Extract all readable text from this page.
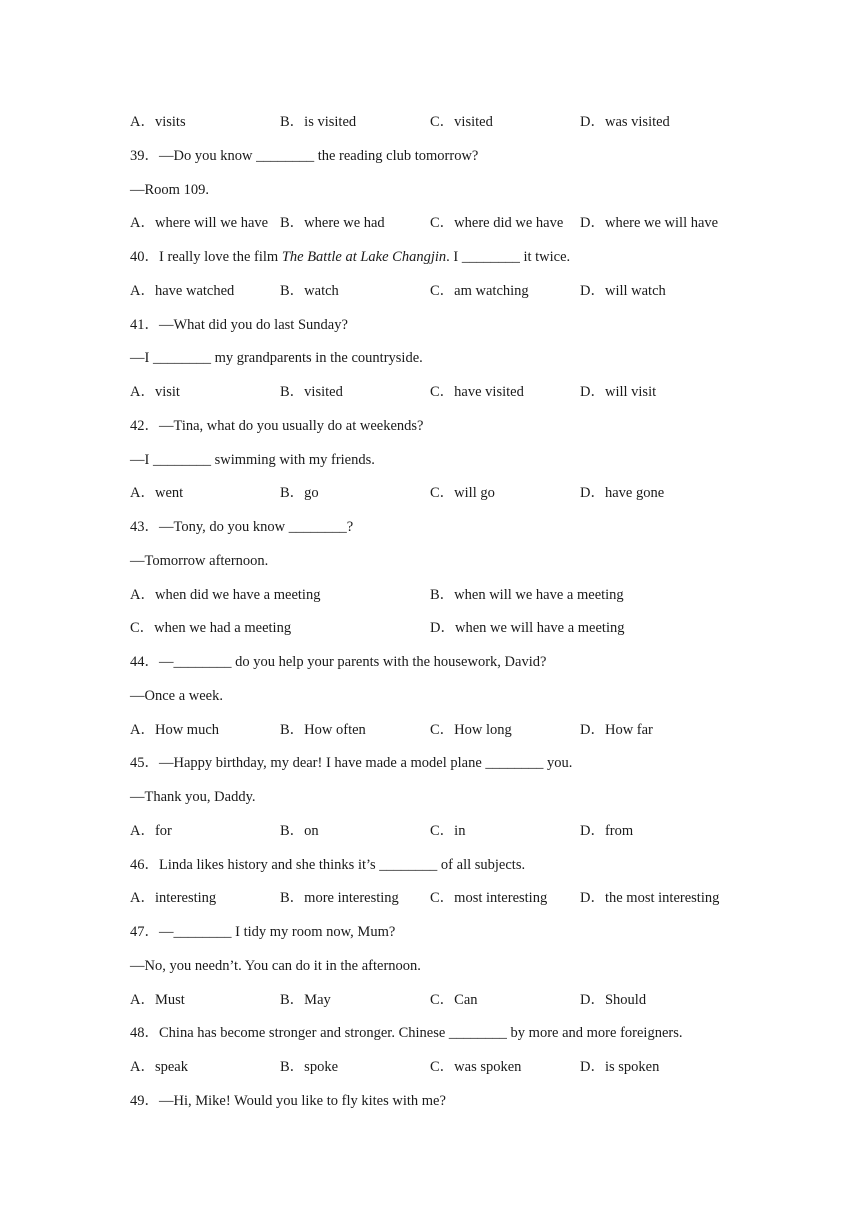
A．visits	B．is visited	C．visited	D．was visited
39．—Do you know ________ the reading club tomorrow?
—Room 109.
A．where will we have B．where we had	C．where did we have D．where we will have
40．I really love the film The Battle at Lake Changjin. I ________ it twice.
A．have watched	B．watch	C．am watching	D．will watch
41．—What did you do last Sunday?
—I ________ my grandparents in the countryside.
A．visit	B．visited	C．have visited	D．will visit
42．—Tina, what do you usually do at weekends?
—I ________ swimming with my friends.
A．went	B．go	C．will go	D．have gone
43．—Tony, do you know ________?
—Tomorrow afternoon.
A．when did we have a meeting	B．when will we have a meeting
C．when we had a meeting	D．when we will have a meeting
44．—________ do you help your parents with the housework, David?
—Once a week.
A．How much	B．How often	C．How long	D．How far
45．—Happy birthday, my dear! I have made a model plane ________ you.
—Thank you, Daddy.
A．for	B．on	C．in	D．from
46．Linda likes history and she thinks it’s ________ of all subjects.
A．interesting	B．more interesting C．most interesting D．the most interesting
47．—________ I tidy my room now, Mum?
—No, you needn’t. You can do it in the afternoon.
A．Must	B．May	C．Can	D．Should
48．China has become stronger and stronger. Chinese ________ by more and more foreigners.
A．speak	B．spoke	C．was spoken	D．is spoken
49．—Hi, Mike! Would you like to fly kites with me?
